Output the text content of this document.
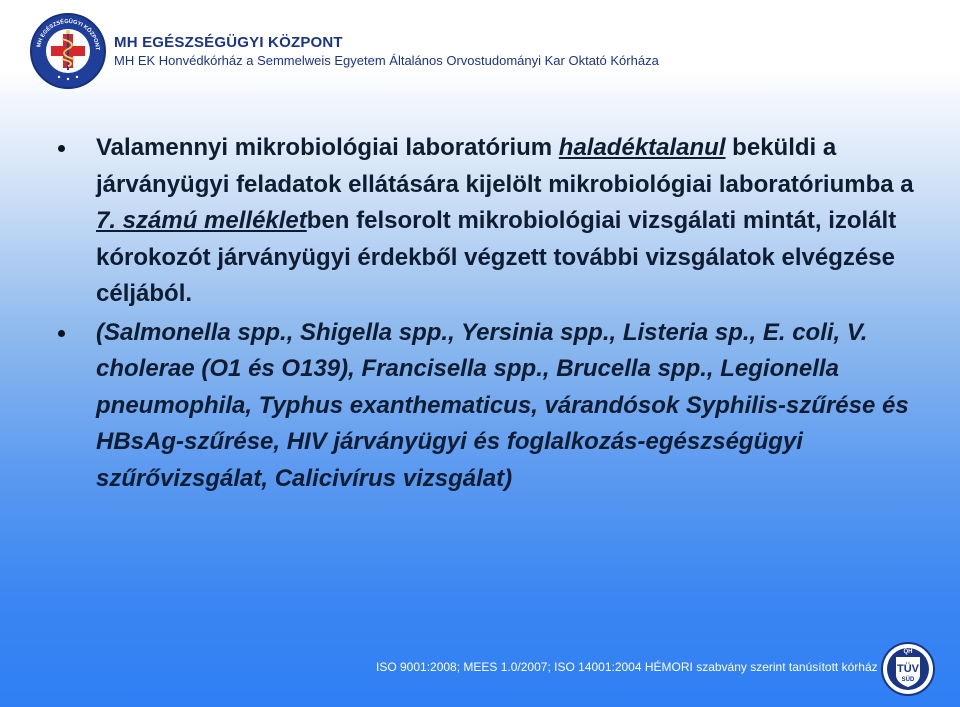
MH EGÉSZSÉGÜGYI KÖZPONT MH EGÉSZSÉGÜGYI KÖZPONT

MH EK Honvédkórház a Semmelweis Egyetem Általános Orvostudományi Kar Oktató Kórháza

Valamennyi mikrobiológiai laboratórium haladéktalanul beküldi a járványügyi feladatok ellátására kijelölt mikrobiológiai laboratóriumba a 7. számú mellékletben felsorolt mikrobiológiai vizsgálati mintát, izolált kórokozót járványügyi érdekből végzett további vizsgálatok elvégzése céljából.

(Salmonella spp., Shigella spp., Yersinia spp., Listeria sp., E. coli, V. cholerae (O1 és O139), Francisella spp., Brucella spp., Legionella pneumophila, Typhus exanthematicus, várandósok Syphilis-szűrése és HBsAg-szűrése, HIV járványügyi és foglalkozás-egészségügyi szűrővizsgálat, Calicivírus vizsgálat)

ISO 9001:2008; MEES 1.0/2007; ISO 14001:2004 HÉMORI szabvány szerint tanúsított kórház

QH
TÜV
SÜD
